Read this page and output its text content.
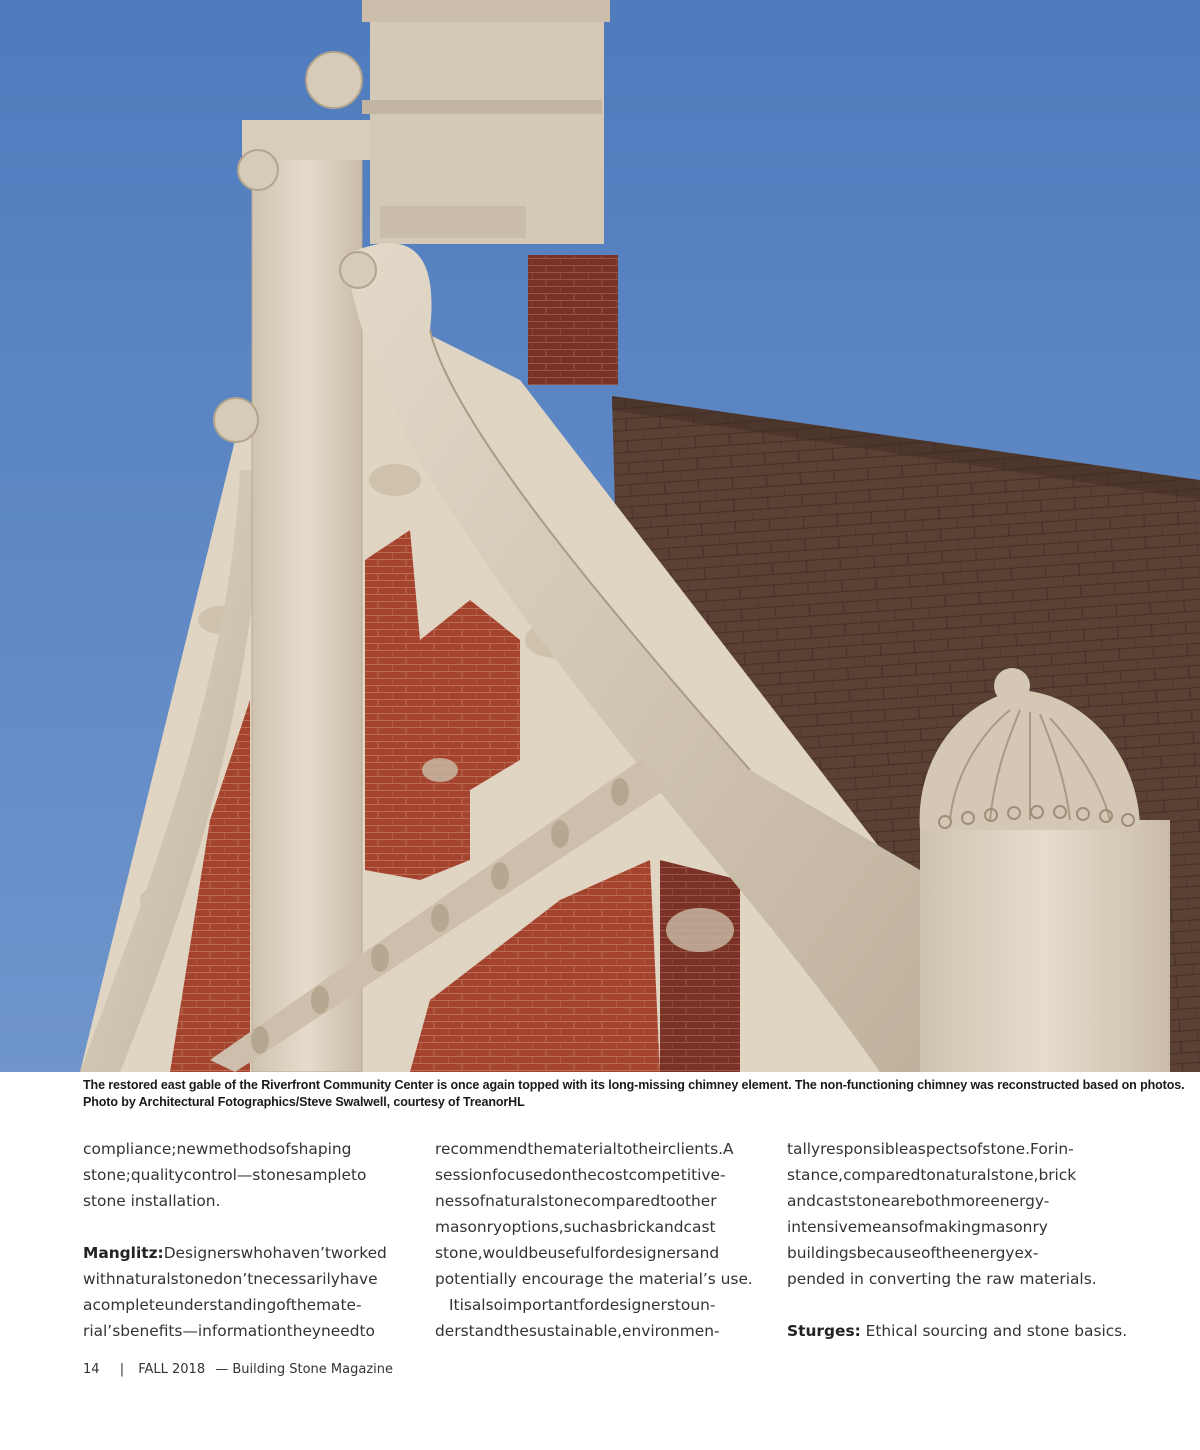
The restored east gable of the Riverfront Community Center is once again topped with its long-missing chimney element. The non-functioning chimney was reconstructed based on photos.
Photo by Architectural Fotographics/Steve Swalwell, courtesy of TreanorHL
compliance;newmethodsofshaping
stone;qualitycontrol—stonesampleto
stone installation.
Manglitz:Designerswhohaven’tworked
withnaturalstonedon’tnecessarilyhave
acompleteunderstandingofthemate-
rial’sbenefits—informationtheyneedto
recommendthematerialtotheirclients.A
sessionfocusedonthecostcompetitive-
nessofnaturalstonecomparedtoother
masonryoptions,suchasbrickandcast
stone,wouldbeusefulfordesignersand
potentially encourage the material’s use.
Itisalsoimportantfordesignerstoun-
derstandthesustainable,environmen-
tallyresponsibleaspectsofstone.Forin-
stance,comparedtonaturalstone,brick
andcaststonearebothmoreenergy-
intensivemeansofmakingmasonry
buildingsbecauseoftheenergyex-
pended in converting the raw materials.
Sturges: Ethical sourcing and stone basics.
14 | FALL 2018 — Building Stone Magazine
